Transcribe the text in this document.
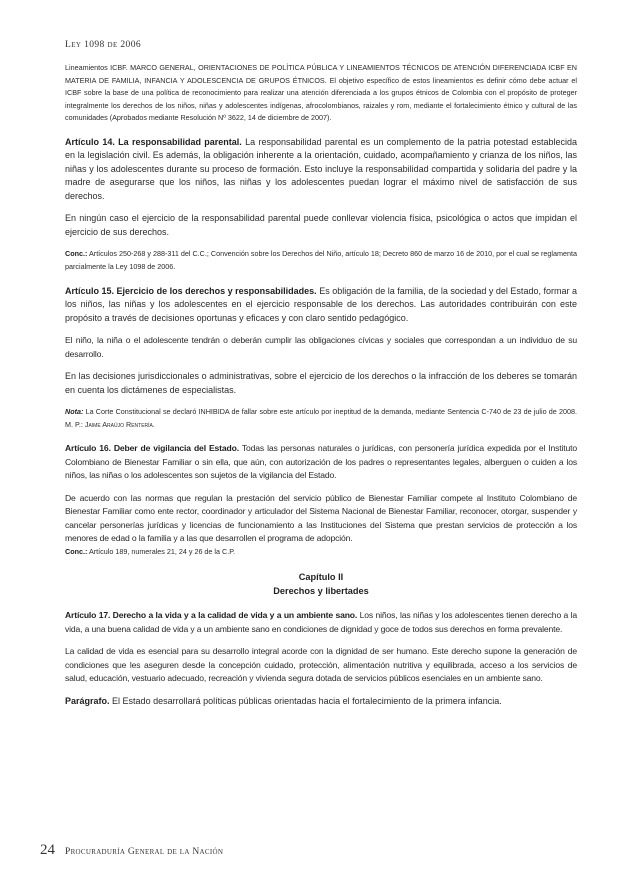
Ley 1098 de 2006

Lineamientos ICBF. MARCO GENERAL, ORIENTACIONES DE POLÍTICA PÚBLICA Y LINEAMIENTOS TÉCNICOS DE ATENCIÓN DIFERENCIADA ICBF EN MATERIA DE FAMILIA, INFANCIA Y ADOLESCENCIA DE GRUPOS ÉTNICOS. El objetivo específico de estos lineamientos es definir cómo debe actuar el ICBF sobre la base de una política de reconocimiento para realizar una atención diferenciada a los grupos étnicos de Colombia con el propósito de proteger integralmente los derechos de los niños, niñas y adolescentes indígenas, afrocolombianos, raizales y rom, mediante el fortalecimiento étnico y cultural de las comunidades (Aprobados mediante Resolución Nº 3622, 14 de diciembre de 2007).

Artículo 14. La responsabilidad parental. La responsabilidad parental es un complemento de la patria potestad establecida en la legislación civil. Es además, la obligación inherente a la orientación, cuidado, acompañamiento y crianza de los niños, las niñas y los adolescentes durante su proceso de formación. Esto incluye la responsabilidad compartida y solidaria del padre y la madre de asegurarse que los niños, las niñas y los adolescentes puedan lograr el máximo nivel de satisfacción de sus derechos.

En ningún caso el ejercicio de la responsabilidad parental puede conllevar violencia física, psicológica o actos que impidan el ejercicio de sus derechos.

Conc.: Artículos 250-268 y 288-311 del C.C.; Convención sobre los Derechos del Niño, artículo 18; Decreto 860 de marzo 16 de 2010, por el cual se reglamenta parcialmente la Ley 1098 de 2006.

Artículo 15. Ejercicio de los derechos y responsabilidades. Es obligación de la familia, de la sociedad y del Estado, formar a los niños, las niñas y los adolescentes en el ejercicio responsable de los derechos. Las autoridades contribuirán con este propósito a través de decisiones oportunas y eficaces y con claro sentido pedagógico.

El niño, la niña o el adolescente tendrán o deberán cumplir las obligaciones cívicas y sociales que correspondan a un individuo de su desarrollo.

En las decisiones jurisdiccionales o administrativas, sobre el ejercicio de los derechos o la infracción de los deberes se tomarán en cuenta los dictámenes de especialistas.

Nota: La Corte Constitucional se declaró INHIBIDA de fallar sobre este artículo por ineptitud de la demanda, mediante Sentencia C-740 de 23 de julio de 2008. M. P.: Jaime Araújo Rentería.

Artículo 16. Deber de vigilancia del Estado. Todas las personas naturales o jurídicas, con personería jurídica expedida por el Instituto Colombiano de Bienestar Familiar o sin ella, que aún, con autorización de los padres o representantes legales, alberguen o cuiden a los niños, las niñas o los adolescentes son sujetos de la vigilancia del Estado.

De acuerdo con las normas que regulan la prestación del servicio público de Bienestar Familiar compete al Instituto Colombiano de Bienestar Familiar como ente rector, coordinador y articulador del Sistema Nacional de Bienestar Familiar, reconocer, otorgar, suspender y cancelar personerías jurídicas y licencias de funcionamiento a las Instituciones del Sistema que prestan servicios de protección a los menores de edad o la familia y a las que desarrollen el programa de adopción.

Conc.: Artículo 189, numerales 21, 24 y 26 de la C.P.

Capítulo II

Derechos y libertades

Artículo 17. Derecho a la vida y a la calidad de vida y a un ambiente sano. Los niños, las niñas y los adolescentes tienen derecho a la vida, a una buena calidad de vida y a un ambiente sano en condiciones de dignidad y goce de todos sus derechos en forma prevalente.

La calidad de vida es esencial para su desarrollo integral acorde con la dignidad de ser humano. Este derecho supone la generación de condiciones que les aseguren desde la concepción cuidado, protección, alimentación nutritiva y equilibrada, acceso a los servicios de salud, educación, vestuario adecuado, recreación y vivienda segura dotada de servicios públicos esenciales en un ambiente sano.

Parágrafo. El Estado desarrollará políticas públicas orientadas hacia el fortalecimiento de la primera infancia.

24 Procuraduría General de la Nación
